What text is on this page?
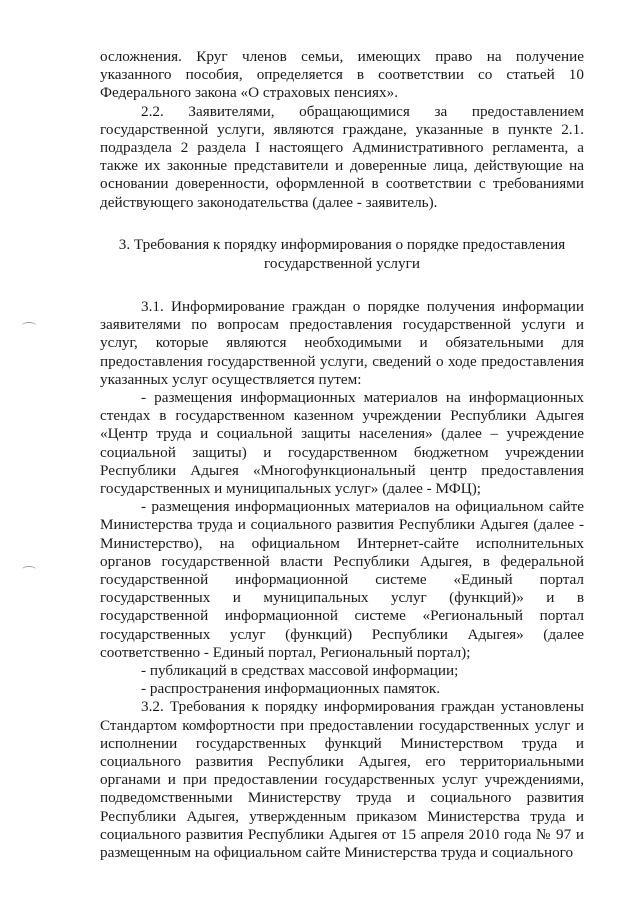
осложнения. Круг членов семьи, имеющих право на получение указанного пособия, определяется в соответствии со статьей 10 Федерального закона «О страховых пенсиях».

2.2. Заявителями, обращающимися за предоставлением государственной услуги, являются граждане, указанные в пункте 2.1. подраздела 2 раздела I настоящего Административного регламента, а также их законные представители и доверенные лица, действующие на основании доверенности, оформленной в соответствии с требованиями действующего законодательства (далее - заявитель).

3. Требования к порядку информирования о порядке предоставления государственной услуги

3.1. Информирование граждан о порядке получения информации заявителями по вопросам предоставления государственной услуги и услуг, которые являются необходимыми и обязательными для предоставления государственной услуги, сведений о ходе предоставления указанных услуг осуществляется путем:

- размещения информационных материалов на информационных стендах в государственном казенном учреждении Республики Адыгея «Центр труда и социальной защиты населения» (далее – учреждение социальной защиты) и государственном бюджетном учреждении Республики Адыгея «Многофункциональный центр предоставления государственных и муниципальных услуг» (далее - МФЦ);

- размещения информационных материалов на официальном сайте Министерства труда и социального развития Республики Адыгея (далее - Министерство), на официальном Интернет-сайте исполнительных органов государственной власти Республики Адыгея, в федеральной государственной информационной системе «Единый портал государственных и муниципальных услуг (функций)» и в государственной информационной системе «Региональный портал государственных услуг (функций) Республики Адыгея» (далее соответственно - Единый портал, Региональный портал);

- публикаций в средствах массовой информации;

- распространения информационных памяток.

3.2. Требования к порядку информирования граждан установлены Стандартом комфортности при предоставлении государственных услуг и исполнении государственных функций Министерством труда и социального развития Республики Адыгея, его территориальными органами и при предоставлении государственных услуг учреждениями, подведомственными Министерству труда и социального развития Республики Адыгея, утвержденным приказом Министерства труда и социального развития Республики Адыгея от 15 апреля 2010 года № 97 и размещенным на официальном сайте Министерства труда и социального
